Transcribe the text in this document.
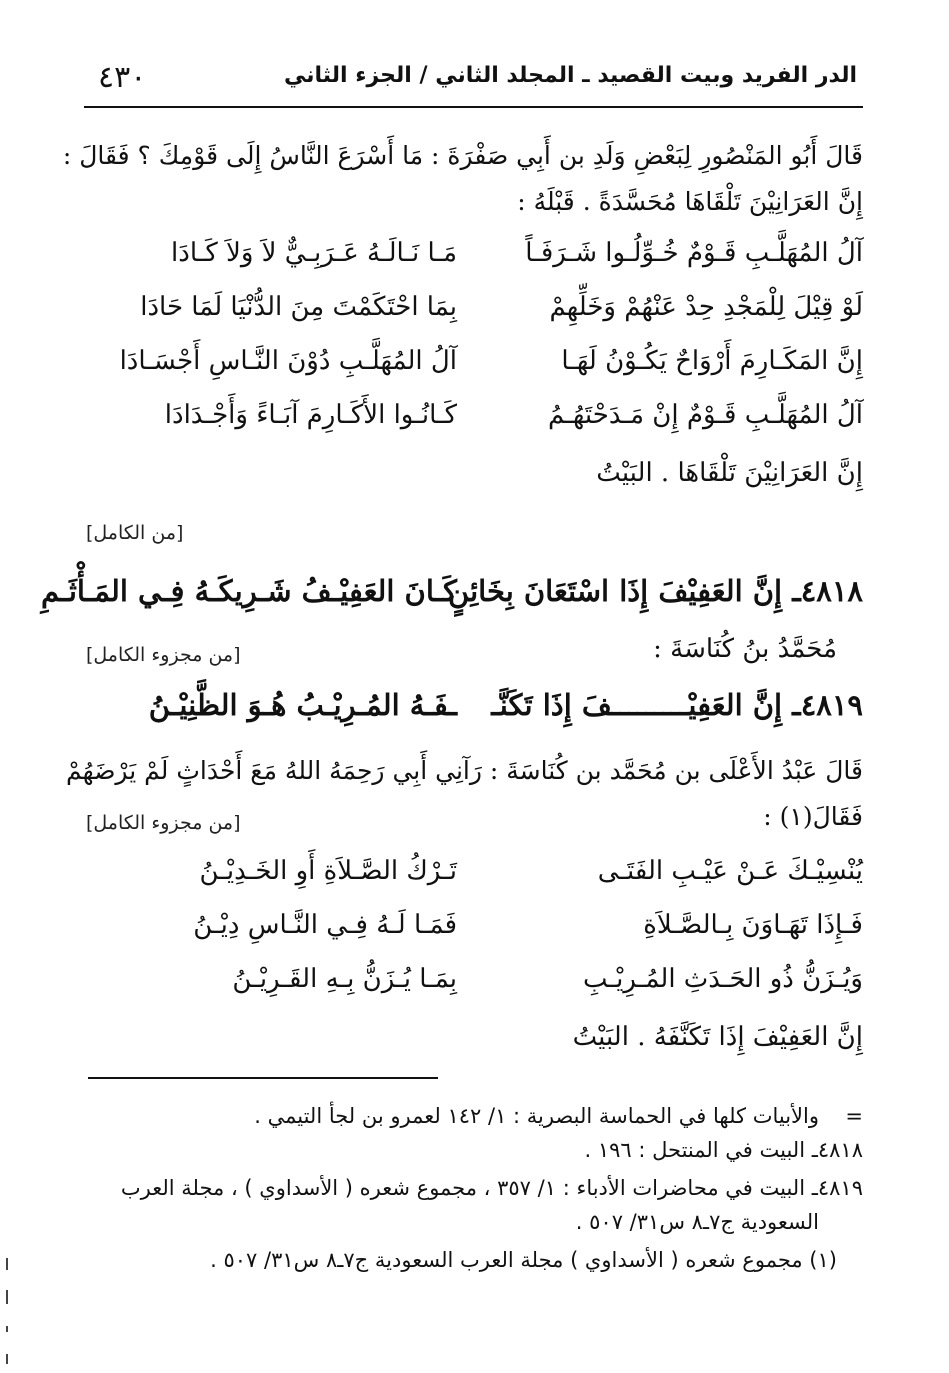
٤٣٠	الدر الفريد وبيت القصيد ـ المجلد الثاني / الجزء الثاني
قَالَ أَبُو المَنْصُورِ لِبَعْضِ وَلَدِ بن أَبِي صَفْرَةَ : مَا أَسْرَعَ النَّاسُ إِلَى قَوْمِكَ ؟ فَقَالَ :
إِنَّ العَرَانِيْنَ تَلْقَاهَا مُحَسَّدَةً . قَبْلَهُ :
آلُ المُهَلَّـبِ قَـوْمٌ خُـوِّلُـوا شَـرَفَـاً
مَـا نَـالَـهُ عَـرَبِـيٌّ لاَ وَلاَ كَـادَا
لَوْ قِيْلَ لِلْمَجْدِ حِدْ عَنْهُمْ وَخَلِّهِمْ
بِمَا احْتَكَمْتَ مِنَ الدُّنْيَا لَمَا حَادَا
إِنَّ المَكَـارِمَ أَرْوَاحٌ يَكُـوْنُ لَهَـا
آلُ المُهَلَّـبِ دُوْنَ النَّـاسِ أَجْسَـادَا
آلُ المُهَلَّـبِ قَـوْمٌ إِنْ مَـدَحْتَهُـمُ
كَـانُـوا الأَكَـارِمَ آبَـاءً وَأَجْـدَادَا
إِنَّ العَرَانِيْنَ تَلْقَاهَا . البَيْتُ
[من الكامل]
٤٨١٨ـ إِنَّ العَفِيْفَ إِذَا اسْتَعَانَ بِخَائِنٍ
كَـانَ العَفِيْـفُ شَـرِيكَـهُ فِـي المَـأْثَـمِ
مُحَمَّدُ بنُ كُنَاسَةَ :
[من مجزوء الكامل]
٤٨١٩ـ إِنَّ العَفِيْـــــــــفَ إِذَا تَكَنَّـ
ـفَـهُ المُـرِيْـبُ هُـوَ الظَّنِيْـنُ
قَالَ عَبْدُ الأَعْلَى بن مُحَمَّد بن كُنَاسَةَ : رَآنِي أَبِي رَحِمَهُ اللهُ مَعَ أَحْدَاثٍ لَمْ يَرْضَهُمْ
فَقَالَ(١) :
[من مجزوء الكامل]
يُنْسِيْـكَ عَـنْ عَيْـبِ الفَتَـى
تَـرْكُ الصَّـلاَةِ أَوِ الخَـدِيْـنُ
فَـإِذَا تَهَـاوَنَ بِـالصَّـلاَةِ
فَمَـا لَـهُ فِـي النَّـاسِ دِيْـنُ
وَيُـزَنُّ ذُو الحَـدَثِ المُـرِيْـبِ
بِمَـا يُـزَنُّ بِـهِ القَـرِيْـنُ
إِنَّ العَفِيْفَ إِذَا تَكَنَّفَهُ . البَيْتُ
=
والأبيات كلها في الحماسة البصرية : ١/ ١٤٢ لعمرو بن لجأ التيمي .
٤٨١٨ـ البيت في المنتحل : ١٩٦ .
٤٨١٩ـ البيت في محاضرات الأدباء : ١/ ٣٥٧ ، مجموع شعره ( الأسداوي ) ، مجلة العرب
السعودية ج٧ـ٨ س٣١/ ٥٠٧ .
(١) مجموع شعره ( الأسداوي ) مجلة العرب السعودية ج٧ـ٨ س٣١/ ٥٠٧ .
